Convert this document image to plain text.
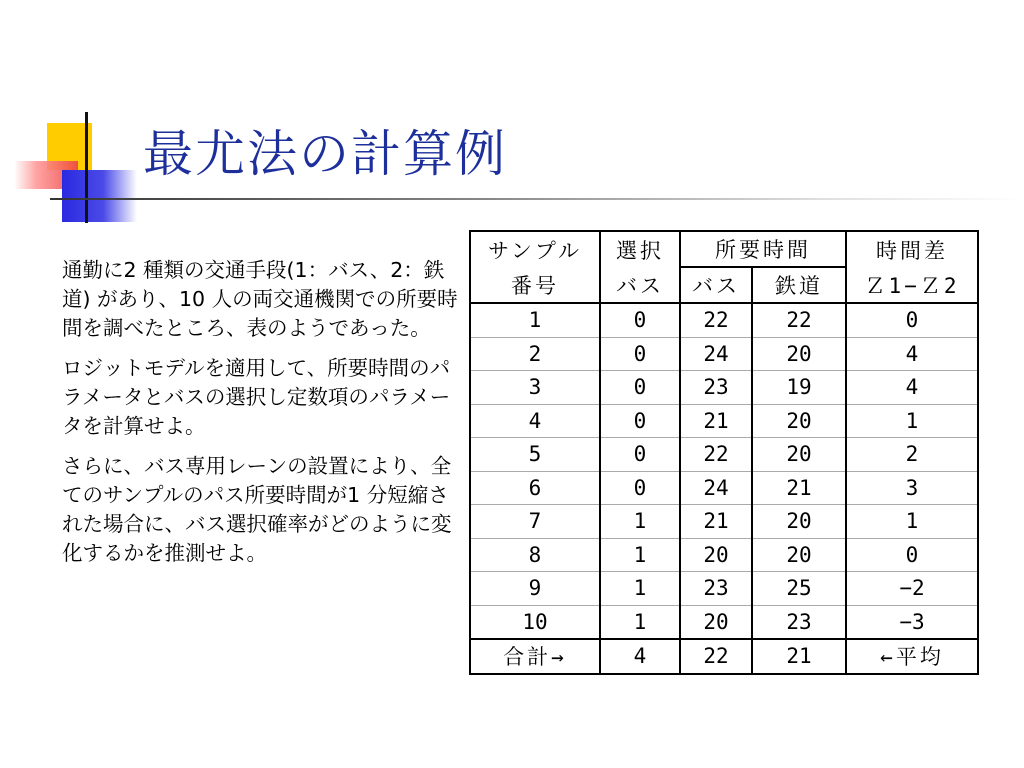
最尤法の計算例

通勤に2 種類の交通手段(1：バス、2：鉄道) があり、10 人の両交通機関での所要時間を調べたところ、表のようであった。

ロジットモデルを適用して、所要時間のパラメータとバスの選択し定数項のパラメータを計算せよ。

さらに、バス専用レーンの設置により、全てのサンプルのパス所要時間が1 分短縮された場合に、バス選択確率がどのように変化するかを推測せよ。

サンプル	選択	所要時間		時間差
番号	バス	バス	鉄道	Ｚ1−Ｚ2
1	0	22	22	0
2	0	24	20	4
3	0	23	19	4
4	0	21	20	1
5	0	22	20	2
6	0	24	21	3
7	1	21	20	1
8	1	20	20	0
9	1	23	25	−2
10	1	20	23	−3
合計→	4	22	21	←平均
